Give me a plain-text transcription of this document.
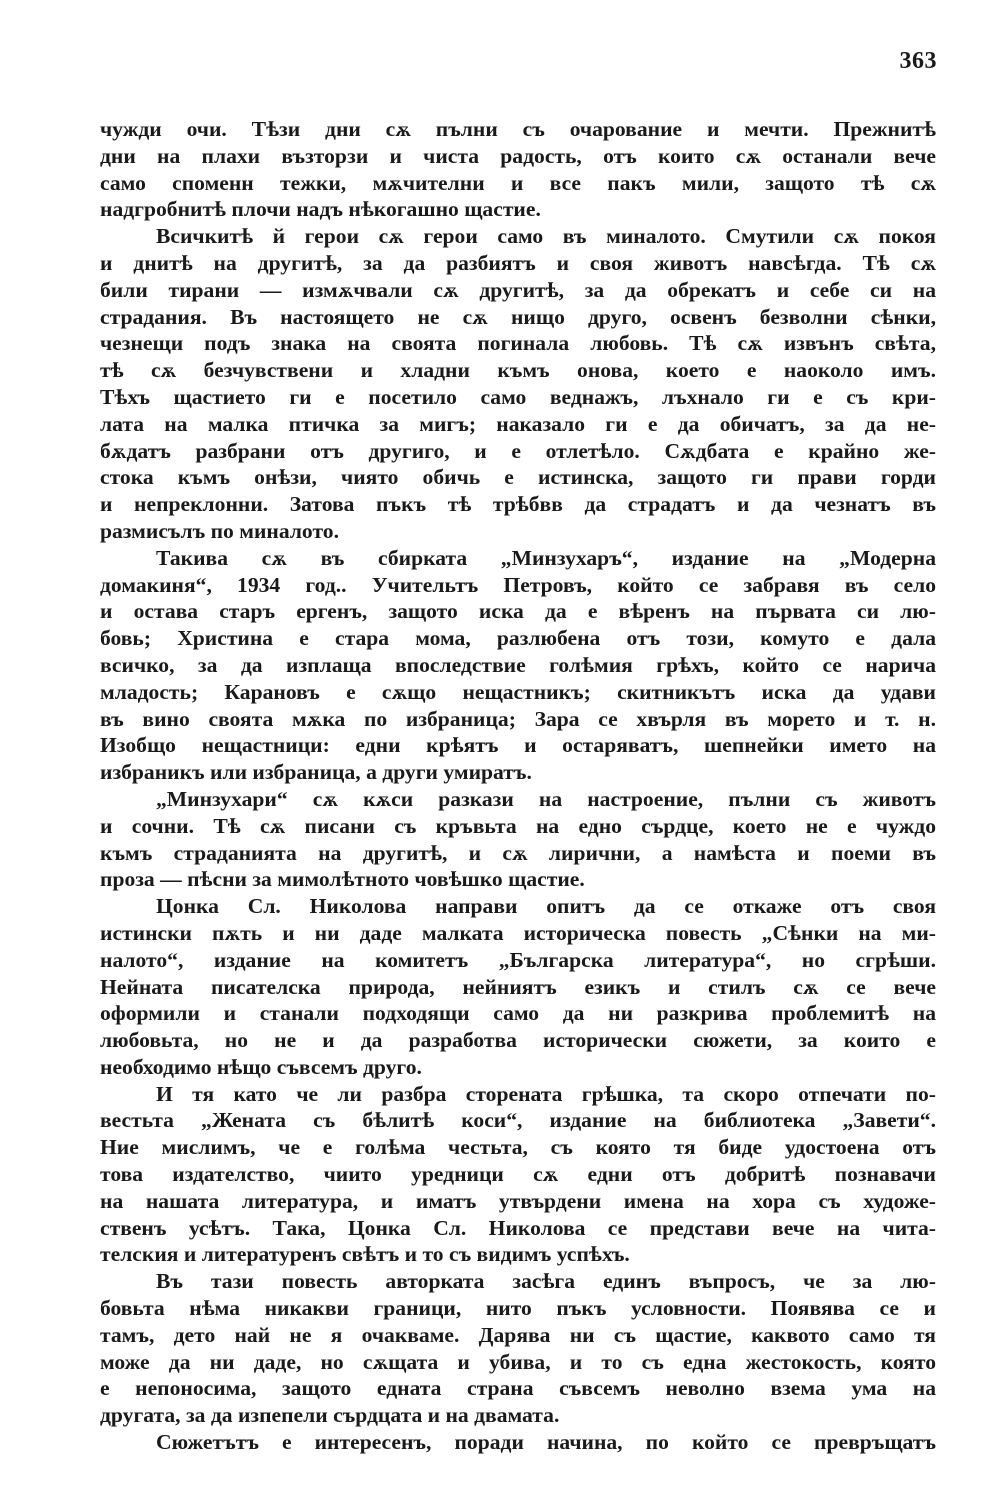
363
чужди очи. Тѣзи дни сѫ пълни съ очарование и мечти. Прежнитѣ
дни на плахи възторзи и чиста радость, отъ които сѫ останали вече
само споменн тежки, мѫчителни и все пакъ мили, защото тѣ сѫ
надгробнитѣ плочи надъ нѣкогашно щастие.
Всичкитѣ й герои сѫ герои само въ миналото. Смутили сѫ покоя
и днитѣ на другитѣ, за да разбиятъ и своя животъ навсѣгда. Тѣ сѫ
били тирани — измѫчвали сѫ другитѣ, за да обрекатъ и себе си на
страдания. Въ настоящето не сѫ нищо друго, освенъ безволни сѣнки,
чезнещи подъ знака на своята погинала любовь. Тѣ сѫ извънъ свѣта,
тѣ сѫ безчувствени и хладни къмъ онова, което е наоколо имъ.
Тѣхъ щастието ги е посетило само веднажъ, лъхнало ги е съ кри-
лата на малка птичка за мигъ; наказало ги е да обичатъ, за да не-
бѫдатъ разбрани отъ другиго, и е отлетѣло. Сѫдбата е крайно же-
стока къмъ онѣзи, чиято обичь е истинска, защото ги прави горди
и непреклонни. Затова пъкъ тѣ трѣбвв да страдатъ и да чезнатъ въ
размисълъ по миналото.
Такива сѫ въ сбирката „Минзухаръ“, издание на „Модерна
домакиня“, 1934 год.. Учительтъ Петровъ, който се забравя въ село
и остава старъ ергенъ, защото иска да е вѣренъ на първата си лю-
бовь; Христина е стара мома, разлюбена отъ този, комуто е дала
всичко, за да изплаща впоследствие голѣмия грѣхъ, който се нарича
младость; Карановъ е сѫщо нещастникъ; скитникътъ иска да удави
въ вино своята мѫка по избраница; Зара се хвърля въ морето и т. н.
Изобщо нещастници: едни крѣятъ и остаряватъ, шепнейки името на
избраникъ или избраница, а други умиратъ.
„Минзухари“ сѫ кѫси разкази на настроение, пълни съ животъ
и сочни. Тѣ сѫ писани съ кръвьта на едно сърдце, което не е чуждо
къмъ страданията на другитѣ, и сѫ лирични, а намѣста и поеми въ
проза — пѣсни за мимолѣтното човѣшко щастие.
Цонка Сл. Николова направи опитъ да се откаже отъ своя
истински пѫть и ни даде малката историческа повесть „Сѣнки на ми-
налото“, издание на комитетъ „Българска литература“, но сгрѣши.
Нейната писателска природа, нейниятъ езикъ и стилъ сѫ се вече
оформили и станали подходящи само да ни разкрива проблемитѣ на
любовьта, но не и да разработва исторически сюжети, за които е
необходимо нѣщо съвсемъ друго.
И тя като че ли разбра сторената грѣшка, та скоро отпечати по-
вестьта „Жената съ бѣлитѣ коси“, издание на библиотека „Завети“.
Ние мислимъ, че е голѣма честьта, съ която тя биде удостоена отъ
това издателство, чиито уредници сѫ едни отъ добритѣ познавачи
на нашата литература, и иматъ утвърдени имена на хора съ художе-
ственъ усѣтъ. Така, Цонка Сл. Николова се представи вече на чита-
телския и литературенъ свѣтъ и то съ видимъ успѣхъ.
Въ тази повесть авторката засѣга единъ въпросъ, че за лю-
бовьта нѣма никакви граници, нито пъкъ условности. Появява се и
тамъ, дето най не я очакваме. Дарява ни съ щастие, каквото само тя
може да ни даде, но сѫщата и убива, и то съ една жестокость, която
е непоносима, защото едната страна съвсемъ неволно взема ума на
другата, за да изпепели сърдцата и на двамата.
Сюжетътъ е интересенъ, поради начина, по който се превръщатъ
